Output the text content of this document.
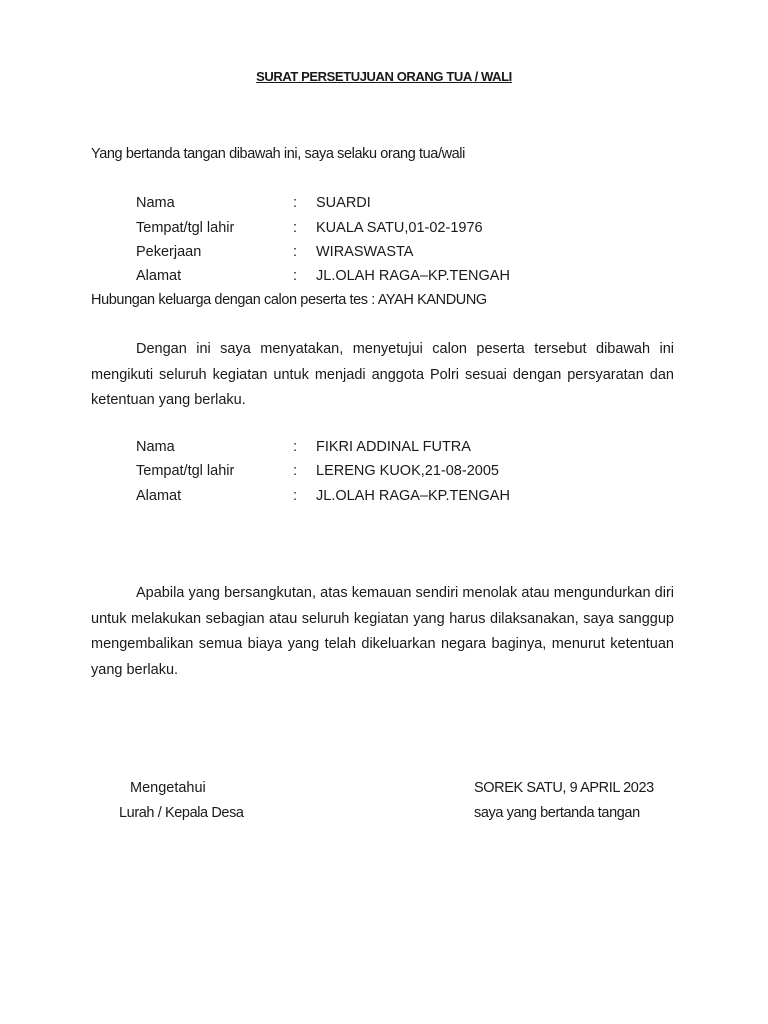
SURAT PERSETUJUAN ORANG TUA / WALI
Yang bertanda tangan dibawah ini, saya selaku orang tua/wali
Nama	: SUARDI
Tempat/tgl lahir	: KUALA SATU,01-02-1976
Pekerjaan	: WIRASWASTA
Alamat	: JL.OLAH RAGA–KP.TENGAH
Hubungan keluarga dengan calon peserta tes : AYAH KANDUNG
Dengan ini saya menyatakan, menyetujui calon peserta tersebut dibawah ini mengikuti seluruh kegiatan untuk menjadi anggota Polri sesuai dengan persyaratan dan ketentuan yang berlaku.
Nama	: FIKRI ADDINAL FUTRA
Tempat/tgl lahir	: LERENG KUOK,21-08-2005
Alamat	: JL.OLAH RAGA–KP.TENGAH
Apabila yang bersangkutan, atas kemauan sendiri menolak atau mengundurkan diri untuk melakukan sebagian atau seluruh kegiatan yang harus dilaksanakan, saya sanggup mengembalikan semua biaya yang telah dikeluarkan negara baginya, menurut ketentuan yang berlaku.
Mengetahui
Lurah / Kepala Desa
SOREK SATU, 9 APRIL 2023
saya yang bertanda tangan
